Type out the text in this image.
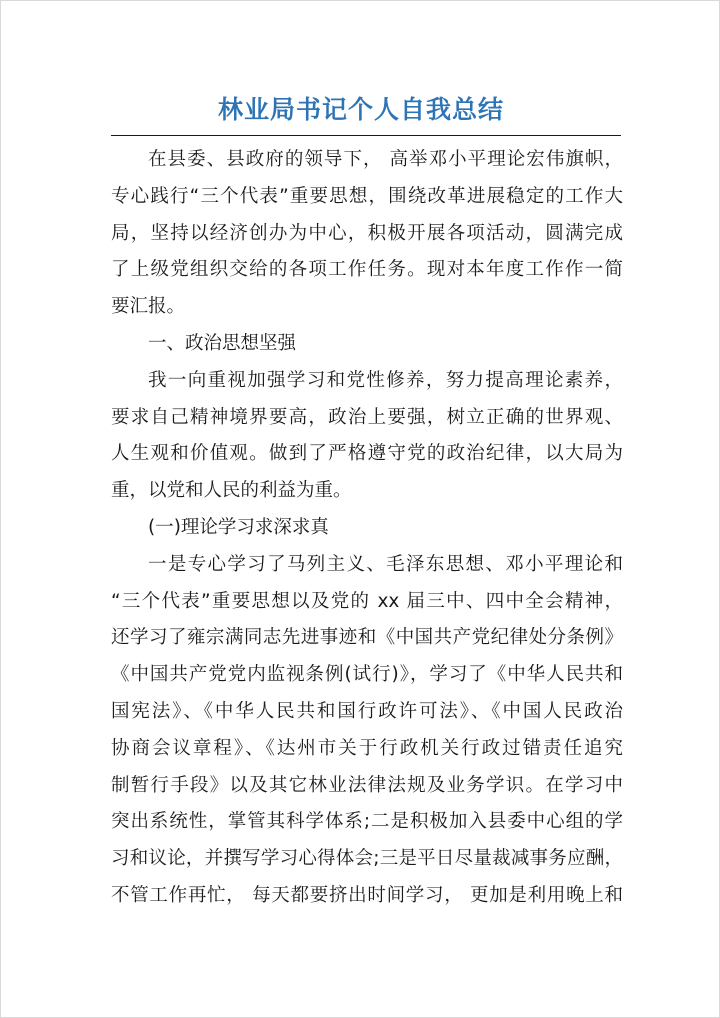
林业局书记个人自我总结
在县委、县政府的领导下， 高举邓小平理论宏伟旗帜，
专心践行“三个代表”重要思想，围绕改革进展稳定的工作大
局，坚持以经济创办为中心，积极开展各项活动，圆满完成
了上级党组织交给的各项工作任务。现对本年度工作作一简
要汇报。
一、政治思想坚强
我一向重视加强学习和党性修养，努力提高理论素养，
要求自己精神境界要高，政治上要强，树立正确的世界观、
人生观和价值观。做到了严格遵守党的政治纪律，以大局为
重，以党和人民的利益为重。
(一)理论学习求深求真
一是专心学习了马列主义、毛泽东思想、邓小平理论和
“三个代表”重要思想以及党的 xx 届三中、四中全会精神，
还学习了雍宗满同志先进事迹和《中国共产党纪律处分条例》
《中国共产党党内监视条例(试行)》，学习了《中华人民共和
国宪法》、《中华人民共和国行政许可法》、《中国人民政治
协商会议章程》、《达州市关于行政机关行政过错责任追究
制暂行手段》以及其它林业法律法规及业务学识。在学习中
突出系统性，掌管其科学体系;二是积极加入县委中心组的学
习和议论，并撰写学习心得体会;三是平日尽量裁减事务应酬，
不管工作再忙， 每天都要挤出时间学习， 更加是利用晚上和
